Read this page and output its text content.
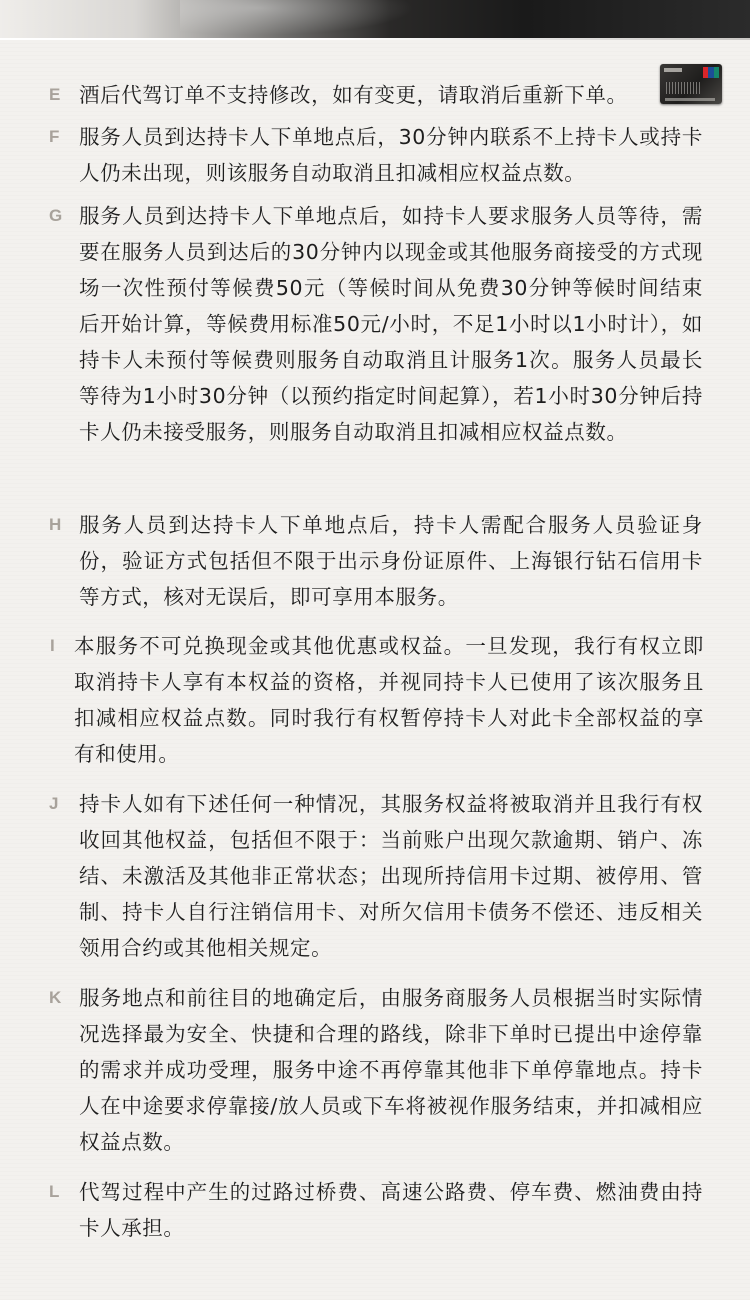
E 酒后代驾订单不支持修改，如有变更，请取消后重新下单。
F 服务人员到达持卡人下单地点后，30分钟内联系不上持卡人或持卡人仍未出现，则该服务自动取消且扣减相应权益点数。
G 服务人员到达持卡人下单地点后，如持卡人要求服务人员等待，需要在服务人员到达后的30分钟内以现金或其他服务商接受的方式现场一次性预付等候费50元（等候时间从免费30分钟等候时间结束后开始计算，等候费用标准50元/小时，不足1小时以1小时计），如持卡人未预付等候费则服务自动取消且计服务1次。服务人员最长等待为1小时30分钟（以预约指定时间起算），若1小时30分钟后持卡人仍未接受服务，则服务自动取消且扣减相应权益点数。
H 服务人员到达持卡人下单地点后，持卡人需配合服务人员验证身份，验证方式包括但不限于出示身份证原件、上海银行钻石信用卡等方式，核对无误后，即可享用本服务。
I 本服务不可兑换现金或其他优惠或权益。一旦发现，我行有权立即取消持卡人享有本权益的资格，并视同持卡人已使用了该次服务且扣减相应权益点数。同时我行有权暂停持卡人对此卡全部权益的享有和使用。
J 持卡人如有下述任何一种情况，其服务权益将被取消并且我行有权收回其他权益，包括但不限于：当前账户出现欠款逾期、销户、冻结、未激活及其他非正常状态；出现所持信用卡过期、被停用、管制、持卡人自行注销信用卡、对所欠信用卡债务不偿还、违反相关领用合约或其他相关规定。
K 服务地点和前往目的地确定后，由服务商服务人员根据当时实际情况选择最为安全、快捷和合理的路线，除非下单时已提出中途停靠的需求并成功受理，服务中途不再停靠其他非下单停靠地点。持卡人在中途要求停靠接/放人员或下车将被视作服务结束，并扣减相应权益点数。
L 代驾过程中产生的过路过桥费、高速公路费、停车费、燃油费由持卡人承担。
